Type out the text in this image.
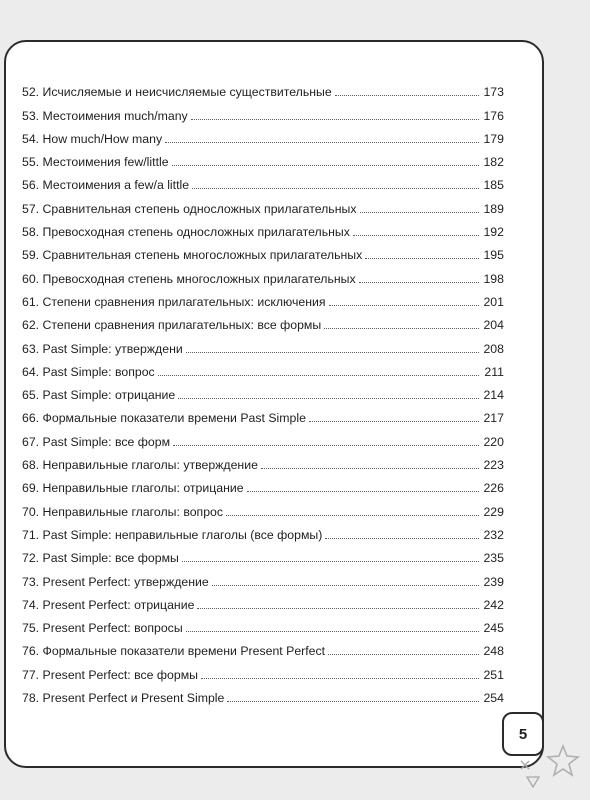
52. Исчисляемые и неисчисляемые существительные	173
53. Местоимения much/many	176
54. How much/How many	179
55. Местоимения few/little	182
56. Местоимения a few/a little	185
57. Сравнительная степень односложных прилагательных	189
58. Превосходная степень односложных прилагательных	192
59. Сравнительная степень многосложных прилагательных	195
60. Превосходная степень многосложных прилагательных	198
61. Степени сравнения прилагательных: исключения	201
62. Степени сравнения прилагательных: все формы	204
63. Past Simple: утверждени	208
64. Past Simple: вопрос	211
65. Past Simple: отрицание	214
66. Формальные показатели времени Past Simple	217
67. Past Simple: все форм	220
68. Неправильные глаголы: утверждение	223
69. Неправильные глаголы: отрицание	226
70. Неправильные глаголы: вопрос	229
71. Past Simple: неправильные глаголы (все формы)	232
72. Past Simple: все формы	235
73. Present Perfect: утверждение	239
74. Present Perfect: отрицание	242
75. Present Perfect: вопросы	245
76. Формальные показатели времени Present Perfect	248
77. Present Perfect: все формы	251
78. Present Perfect и Present Simple	254
5
